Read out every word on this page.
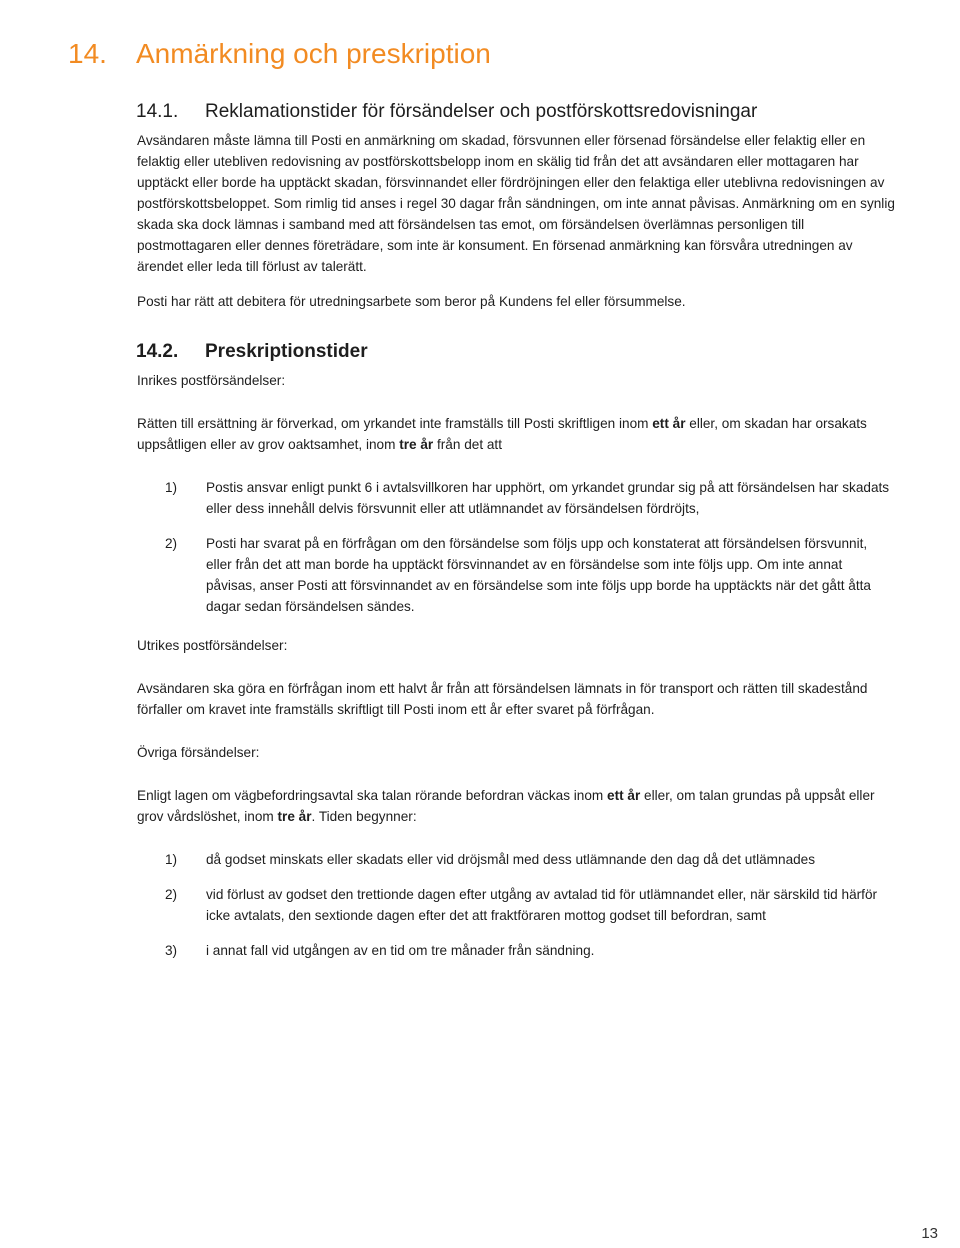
14. Anmärkning och preskription
14.1. Reklamationstider för försändelser och postförskottsredovisningar

Avsändaren måste lämna till Posti en anmärkning om skadad, försvunnen eller försenad försändelse eller felaktig eller en felaktig eller utebliven redovisning av postförskottsbelopp inom en skälig tid från det att avsändaren eller mottagaren har upptäckt eller borde ha upptäckt skadan, försvinnandet eller fördröjningen eller den felaktiga eller uteblivna redovisningen av postförskottsbeloppet. Som rimlig tid anses i regel 30 dagar från sändningen, om inte annat påvisas. Anmärkning om en synlig skada ska dock lämnas i samband med att försändelsen tas emot, om försändelsen överlämnas personligen till postmottagaren eller dennes företrädare, som inte är konsument. En försenad anmärkning kan försvåra utredningen av ärendet eller leda till förlust av talerätt.

Posti har rätt att debitera för utredningsarbete som beror på Kundens fel eller försummelse.

14.2. Preskriptionstider

Inrikes postförsändelser:

Rätten till ersättning är förverkad, om yrkandet inte framställs till Posti skriftligen inom ett år eller, om skadan har orsakats uppsåtligen eller av grov oaktsamhet, inom tre år från det att

1) Postis ansvar enligt punkt 6 i avtalsvillkoren har upphört, om yrkandet grundar sig på att försändelsen har skadats eller dess innehåll delvis försvunnit eller att utlämnandet av försändelsen fördröjts,
2) Posti har svarat på en förfrågan om den försändelse som följs upp och konstaterat att försändelsen försvunnit, eller från det att man borde ha upptäckt försvinnandet av en försändelse som inte följs upp. Om inte annat påvisas, anser Posti att försvinnandet av en försändelse som inte följs upp borde ha upptäckts när det gått åtta dagar sedan försändelsen sändes.

Utrikes postförsändelser:

Avsändaren ska göra en förfrågan inom ett halvt år från att försändelsen lämnats in för transport och rätten till skadestånd förfaller om kravet inte framställs skriftligt till Posti inom ett år efter svaret på förfrågan.

Övriga försändelser:

Enligt lagen om vägbefordringsavtal ska talan rörande befordran väckas inom ett år eller, om talan grundas på uppsåt eller grov vårdslöshet, inom tre år. Tiden begynner:

1) då godset minskats eller skadats eller vid dröjsmål med dess utlämnande den dag då det utlämnades
2) vid förlust av godset den trettionde dagen efter utgång av avtalad tid för utlämnandet eller, när särskild tid härför icke avtalats, den sextionde dagen efter det att fraktföraren mottog godset till befordran, samt
3) i annat fall vid utgången av en tid om tre månader från sändning.
13
